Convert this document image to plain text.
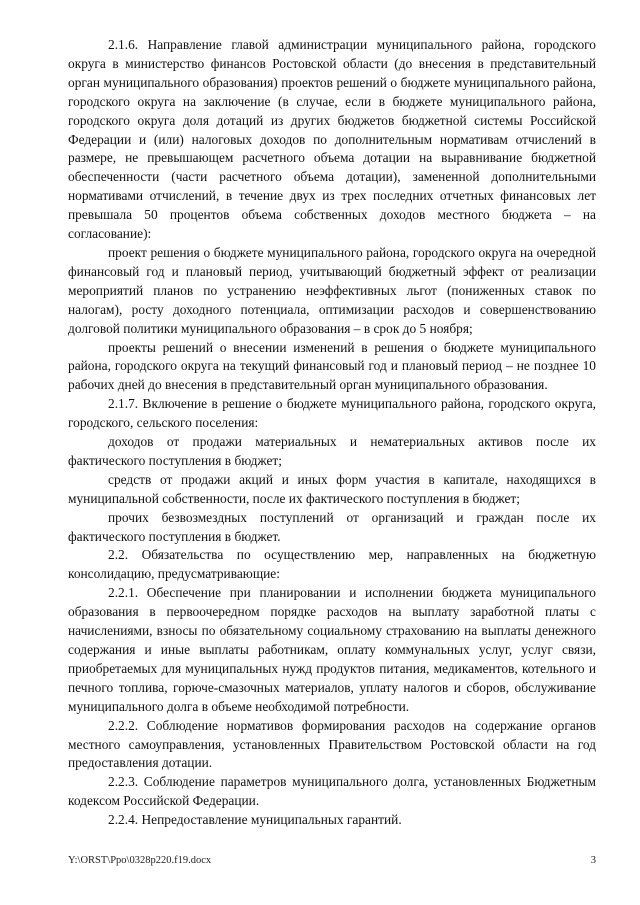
2.1.6. Направление главой администрации муниципального района, городского округа в министерство финансов Ростовской области (до внесения в представительный орган муниципального образования) проектов решений о бюджете муниципального района, городского округа на заключение (в случае, если в бюджете муниципального района, городского округа доля дотаций из других бюджетов бюджетной системы Российской Федерации и (или) налоговых доходов по дополнительным нормативам отчислений в размере, не превышающем расчетного объема дотации на выравнивание бюджетной обеспеченности (части расчетного объема дотации), замененной дополнительными нормативами отчислений, в течение двух из трех последних отчетных финансовых лет превышала 50 процентов объема собственных доходов местного бюджета – на согласование):

проект решения о бюджете муниципального района, городского округа на очередной финансовый год и плановый период, учитывающий бюджетный эффект от реализации мероприятий планов по устранению неэффективных льгот (пониженных ставок по налогам), росту доходного потенциала, оптимизации расходов и совершенствованию долговой политики муниципального образования – в срок до 5 ноября;

проекты решений о внесении изменений в решения о бюджете муниципального района, городского округа на текущий финансовый год и плановый период – не позднее 10 рабочих дней до внесения в представительный орган муниципального образования.

2.1.7. Включение в решение о бюджете муниципального района, городского округа, городского, сельского поселения:

доходов от продажи материальных и нематериальных активов после их фактического поступления в бюджет;

средств от продажи акций и иных форм участия в капитале, находящихся в муниципальной собственности, после их фактического поступления в бюджет;

прочих безвозмездных поступлений от организаций и граждан после их фактического поступления в бюджет.

2.2. Обязательства по осуществлению мер, направленных на бюджетную консолидацию, предусматривающие:

2.2.1. Обеспечение при планировании и исполнении бюджета муниципального образования в первоочередном порядке расходов на выплату заработной платы с начислениями, взносы по обязательному социальному страхованию на выплаты денежного содержания и иные выплаты работникам, оплату коммунальных услуг, услуг связи, приобретаемых для муниципальных нужд продуктов питания, медикаментов, котельного и печного топлива, горюче-смазочных материалов, уплату налогов и сборов, обслуживание муниципального долга в объеме необходимой потребности.

2.2.2. Соблюдение нормативов формирования расходов на содержание органов местного самоуправления, установленных Правительством Ростовской области на год предоставления дотации.

2.2.3. Соблюдение параметров муниципального долга, установленных Бюджетным кодексом Российской Федерации.

2.2.4. Непредоставление муниципальных гарантий.

Y:\ORST\Ppo\0328p220.f19.docx	3
